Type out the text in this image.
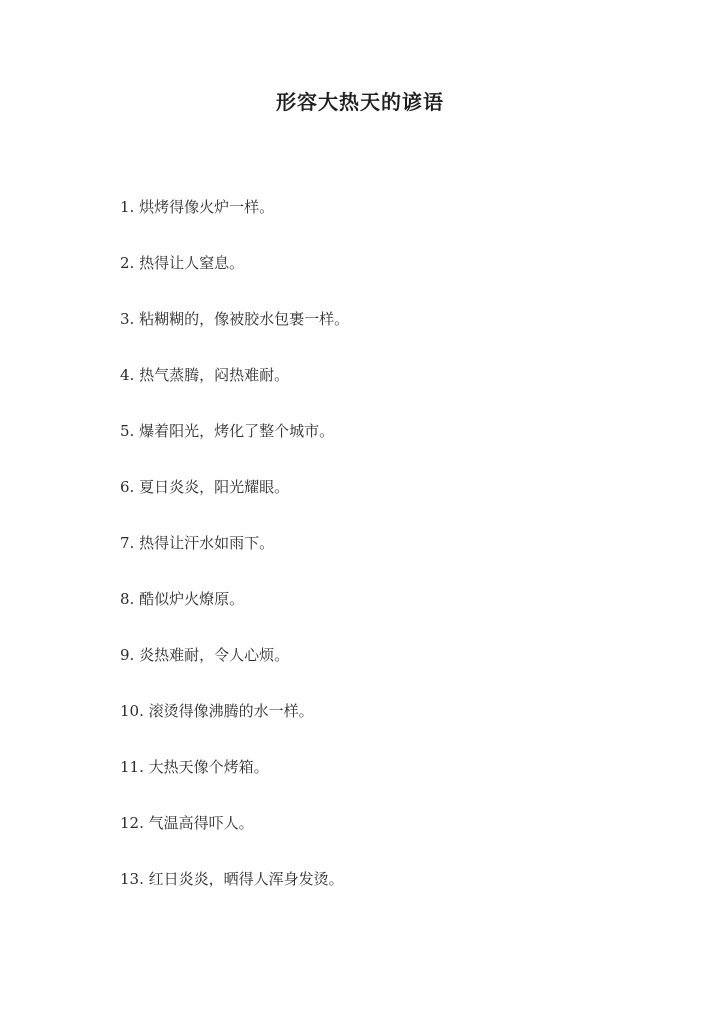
形容大热天的谚语
1. 烘烤得像火炉一样。
2. 热得让人窒息。
3. 粘糊糊的，像被胶水包裹一样。
4. 热气蒸腾，闷热难耐。
5. 爆着阳光，烤化了整个城市。
6. 夏日炎炎，阳光耀眼。
7. 热得让汗水如雨下。
8. 酷似炉火燎原。
9. 炎热难耐，令人心烦。
10. 滚烫得像沸腾的水一样。
11. 大热天像个烤箱。
12. 气温高得吓人。
13. 红日炎炎，晒得人浑身发烫。
